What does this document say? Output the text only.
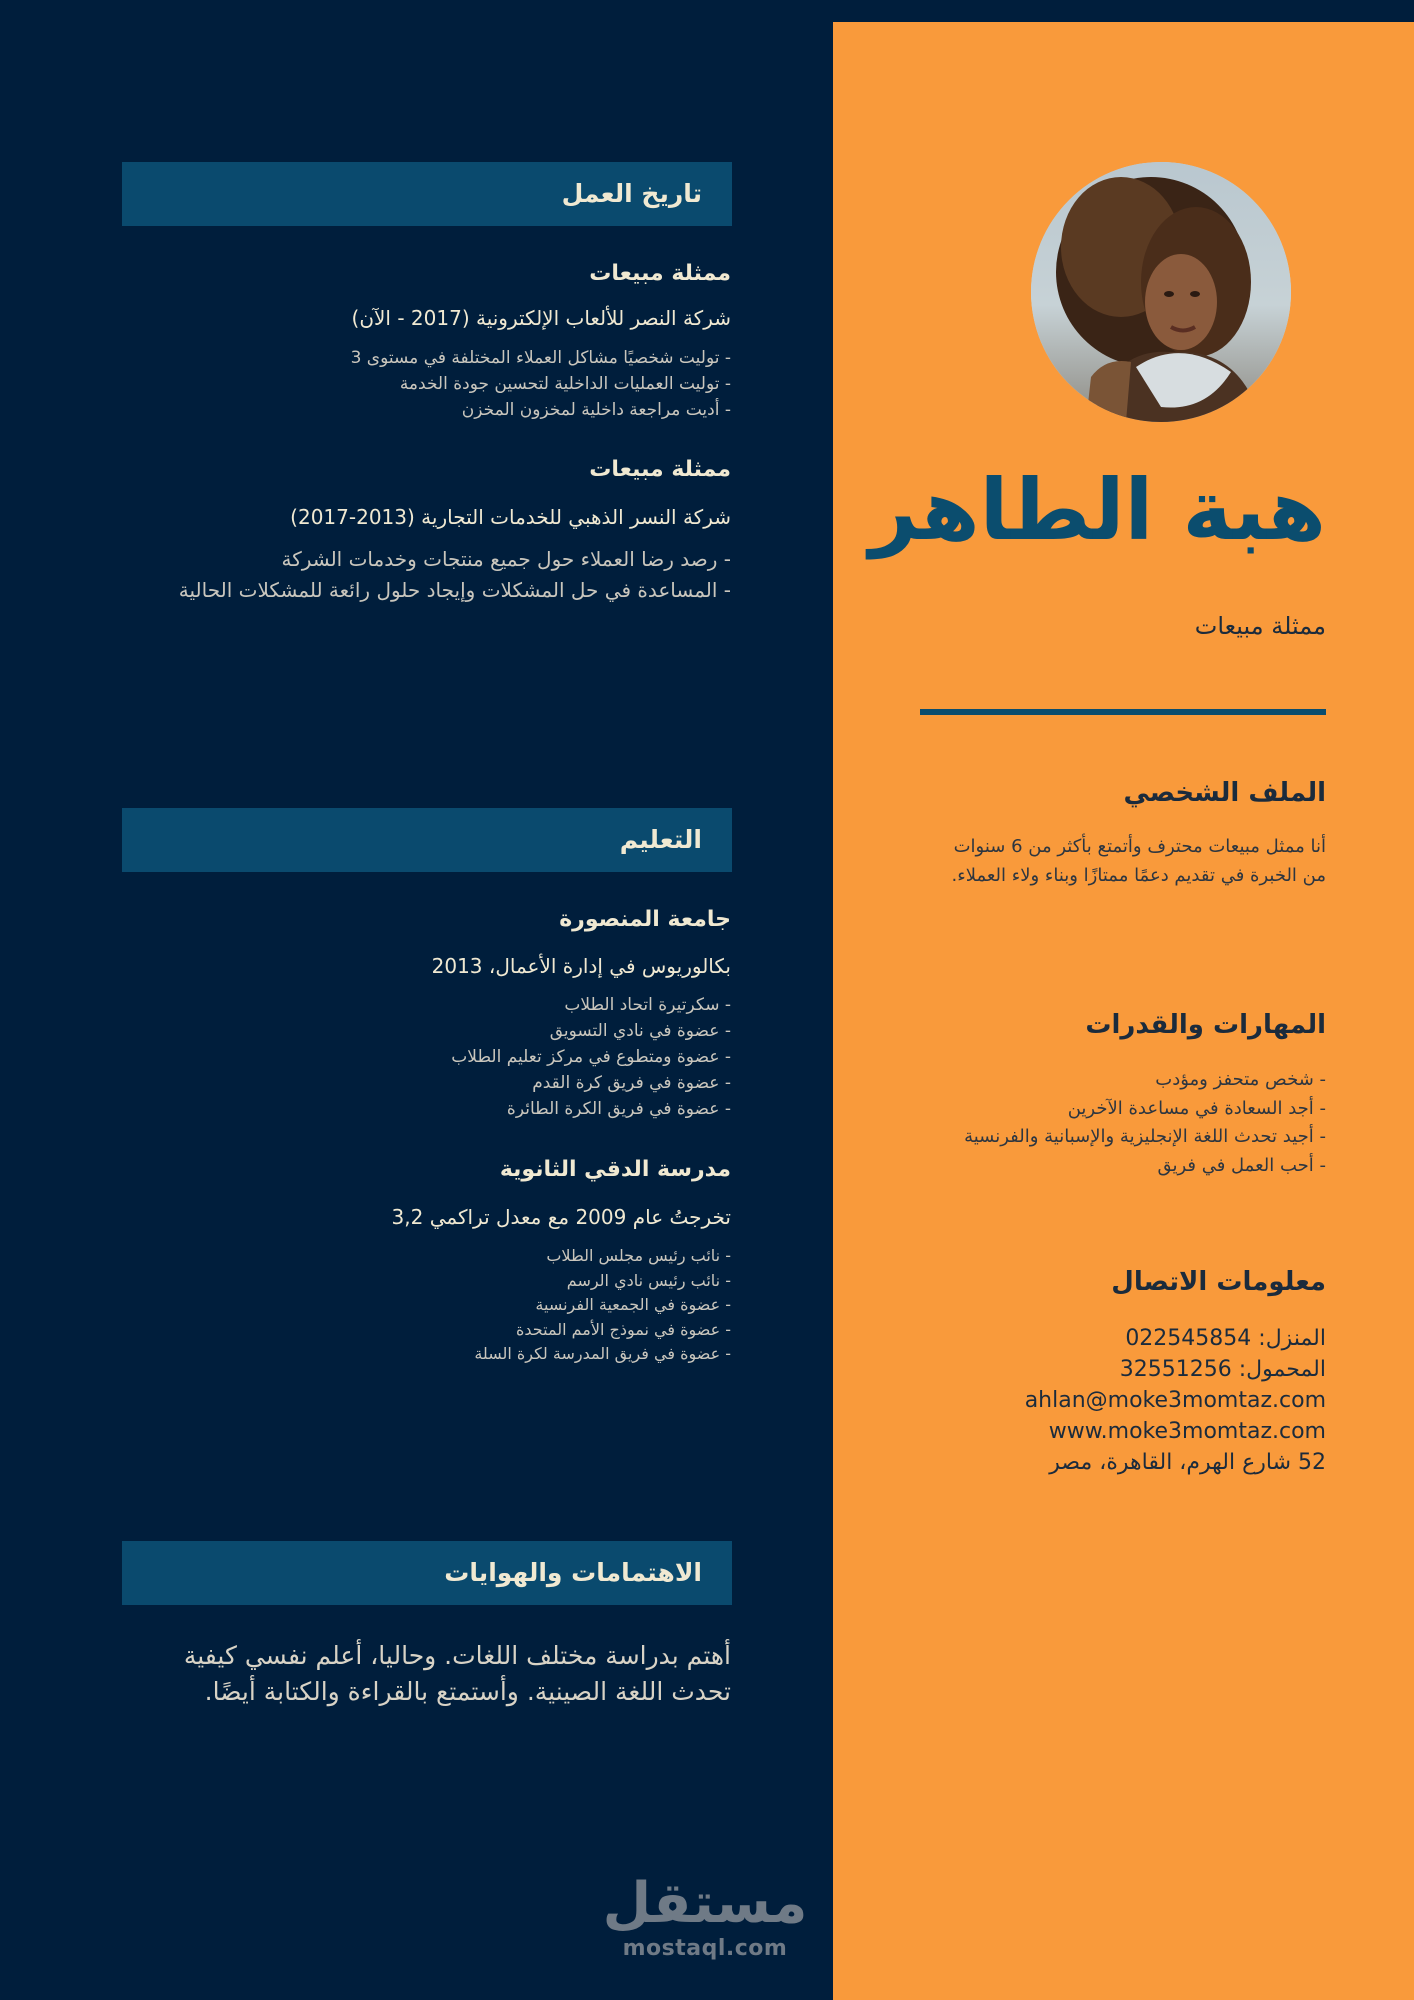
هبة الطاهر
ممثلة مبيعات
الملف الشخصي
أنا ممثل مبيعات محترف وأتمتع بأكثر من 6 سنوات
من الخبرة في تقديم دعمًا ممتازًا وبناء ولاء العملاء.
المهارات والقدرات
- شخص متحفز ومؤدب
- أجد السعادة في مساعدة الآخرين
- أجيد تحدث اللغة الإنجليزية والإسبانية والفرنسية
- أحب العمل في فريق
معلومات الاتصال
المنزل: 022545854
المحمول: 32551256
ahlan@moke3momtaz.com
www.moke3momtaz.com
52 شارع الهرم، القاهرة، مصر
تاريخ العمل
ممثلة مبيعات
شركة النصر للألعاب الإلكترونية (2017 - الآن)
- توليت شخصيًا مشاكل العملاء المختلفة في مستوى 3
- توليت العمليات الداخلية لتحسين جودة الخدمة
- أديت مراجعة داخلية لمخزون المخزن
ممثلة مبيعات
شركة النسر الذهبي للخدمات التجارية (2013-2017)
- رصد رضا العملاء حول جميع منتجات وخدمات الشركة
- المساعدة في حل المشكلات وإيجاد حلول رائعة للمشكلات الحالية
التعليم
جامعة المنصورة
بكالوريوس في إدارة الأعمال، 2013
- سكرتيرة اتحاد الطلاب
- عضوة في نادي التسويق
- عضوة ومتطوع في مركز تعليم الطلاب
- عضوة في فريق كرة القدم
- عضوة في فريق الكرة الطائرة
مدرسة الدقي الثانوية
تخرجتُ عام 2009 مع معدل تراكمي 3,2
- نائب رئيس مجلس الطلاب
- نائب رئيس نادي الرسم
- عضوة في الجمعية الفرنسية
- عضوة في نموذج الأمم المتحدة
- عضوة في فريق المدرسة لكرة السلة
الاهتمامات والهوايات
أهتم بدراسة مختلف اللغات. وحاليا، أعلم نفسي كيفية
تحدث اللغة الصينية. وأستمتع بالقراءة والكتابة أيضًا.
مستقل
mostaql.com
